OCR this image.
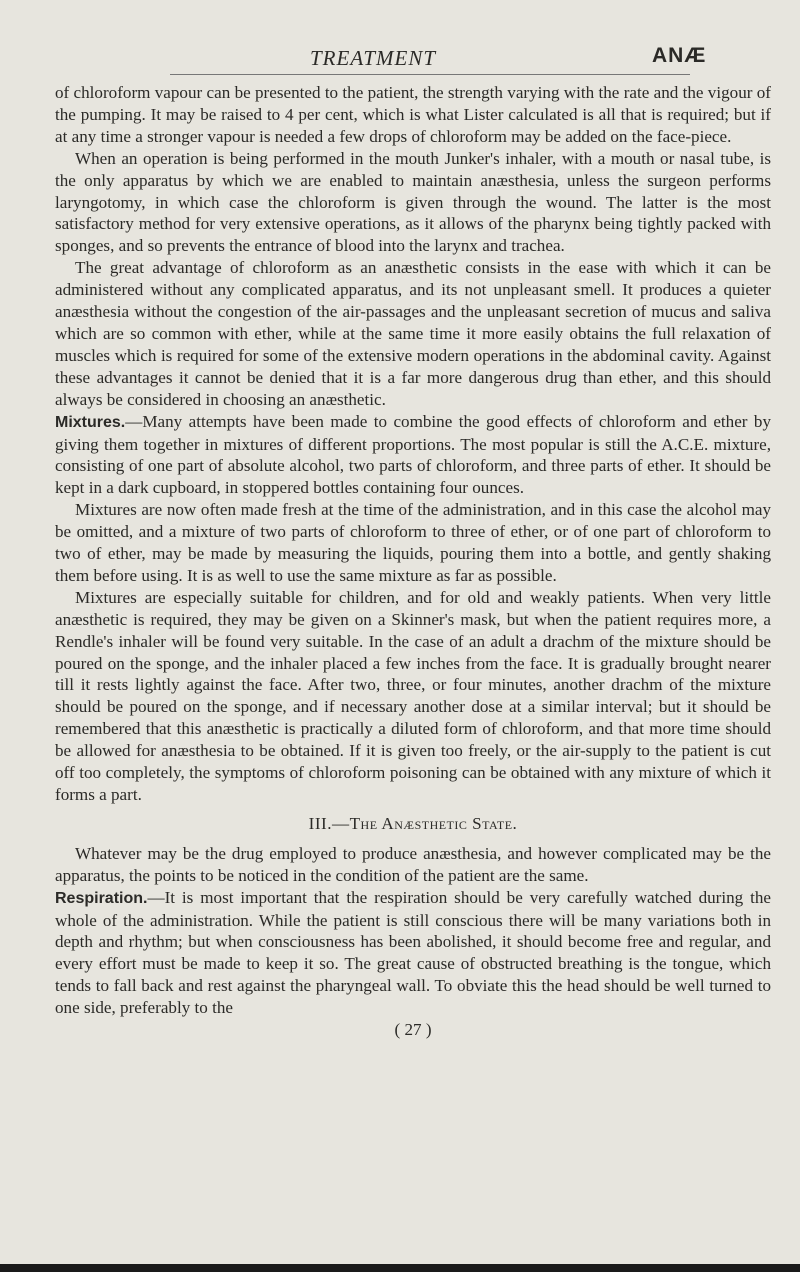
TREATMENT	ANÆ

of chloroform vapour can be presented to the patient, the strength varying with the rate and the vigour of the pumping. It may be raised to 4 per cent, which is what Lister calculated is all that is required; but if at any time a stronger vapour is needed a few drops of chloroform may be added on the face-piece.

When an operation is being performed in the mouth Junker's inhaler, with a mouth or nasal tube, is the only apparatus by which we are enabled to maintain anæsthesia, unless the surgeon performs laryngotomy, in which case the chloroform is given through the wound. The latter is the most satisfactory method for very extensive operations, as it allows of the pharynx being tightly packed with sponges, and so prevents the entrance of blood into the larynx and trachea.

The great advantage of chloroform as an anæsthetic consists in the ease with which it can be administered without any complicated apparatus, and its not unpleasant smell. It produces a quieter anæsthesia without the congestion of the air-passages and the unpleasant secretion of mucus and saliva which are so common with ether, while at the same time it more easily obtains the full relaxation of muscles which is required for some of the extensive modern operations in the abdominal cavity. Against these advantages it cannot be denied that it is a far more dangerous drug than ether, and this should always be considered in choosing an anæsthetic.

Mixtures.—Many attempts have been made to combine the good effects of chloroform and ether by giving them together in mixtures of different proportions. The most popular is still the A.C.E. mixture, consisting of one part of absolute alcohol, two parts of chloroform, and three parts of ether. It should be kept in a dark cupboard, in stoppered bottles containing four ounces.

Mixtures are now often made fresh at the time of the administration, and in this case the alcohol may be omitted, and a mixture of two parts of chloroform to three of ether, or of one part of chloroform to two of ether, may be made by measuring the liquids, pouring them into a bottle, and gently shaking them before using. It is as well to use the same mixture as far as possible.

Mixtures are especially suitable for children, and for old and weakly patients. When very little anæsthetic is required, they may be given on a Skinner's mask, but when the patient requires more, a Rendle's inhaler will be found very suitable. In the case of an adult a drachm of the mixture should be poured on the sponge, and the inhaler placed a few inches from the face. It is gradually brought nearer till it rests lightly against the face. After two, three, or four minutes, another drachm of the mixture should be poured on the sponge, and if necessary another dose at a similar interval; but it should be remembered that this anæsthetic is practically a diluted form of chloroform, and that more time should be allowed for anæsthesia to be obtained. If it is given too freely, or the air-supply to the patient is cut off too completely, the symptoms of chloroform poisoning can be obtained with any mixture of which it forms a part.

III.—The Anæsthetic State.

Whatever may be the drug employed to produce anæsthesia, and however complicated may be the apparatus, the points to be noticed in the condition of the patient are the same.

Respiration.—It is most important that the respiration should be very carefully watched during the whole of the administration. While the patient is still conscious there will be many variations both in depth and rhythm; but when consciousness has been abolished, it should become free and regular, and every effort must be made to keep it so. The great cause of obstructed breathing is the tongue, which tends to fall back and rest against the pharyngeal wall. To obviate this the head should be well turned to one side, preferably to the

( 27 )
